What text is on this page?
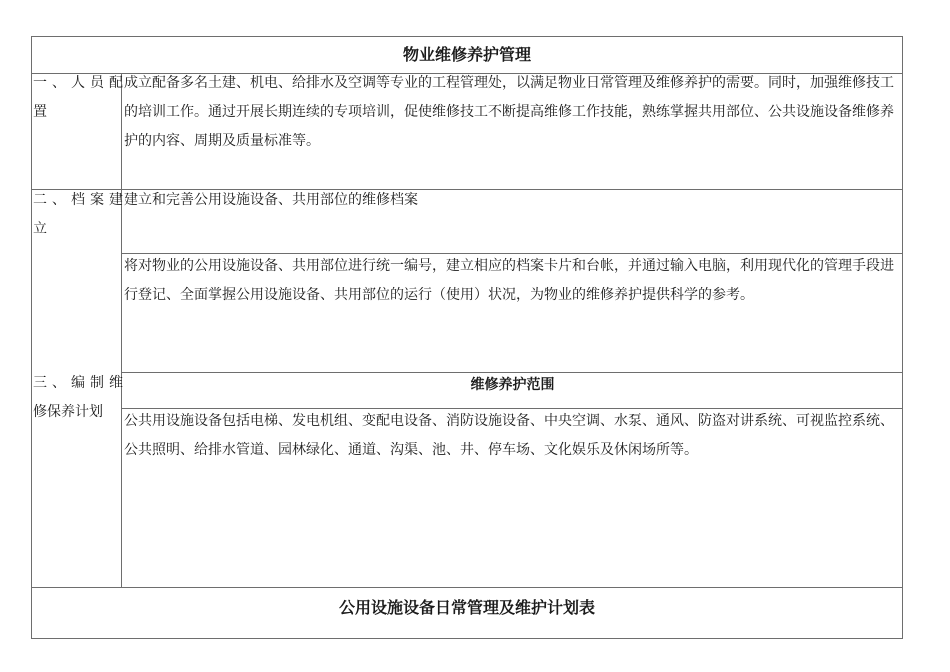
物业维修养护管理
一、人员配
置

成立配备多名土建、机电、给排水及空调等专业的工程管理处，以满足物业日常管理及维修养护的需要。同时，加强维修技工的培训工作。通过开展长期连续的专项培训，促使维修技工不断提高维修工作技能，熟练掌握共用部位、公共设施设备维修养护的内容、周期及质量标准等。

二、档案建
立

建立和完善公用设施设备、共用部位的维修档案

将对物业的公用设施设备、共用部位进行统一编号，建立相应的档案卡片和台帐，并通过输入电脑，利用现代化的管理手段进行登记、全面掌握公用设施设备、共用部位的运行（使用）状况，为物业的维修养护提供科学的参考。

三、编制维
修保养计划
维修养护范围

公共用设施设备包括电梯、发电机组、变配电设备、消防设施设备、中央空调、水泵、通风、防盗对讲系统、可视监控系统、公共照明、给排水管道、园林绿化、通道、沟渠、池、井、停车场、文化娱乐及休闲场所等。

公用设施设备日常管理及维护计划表
